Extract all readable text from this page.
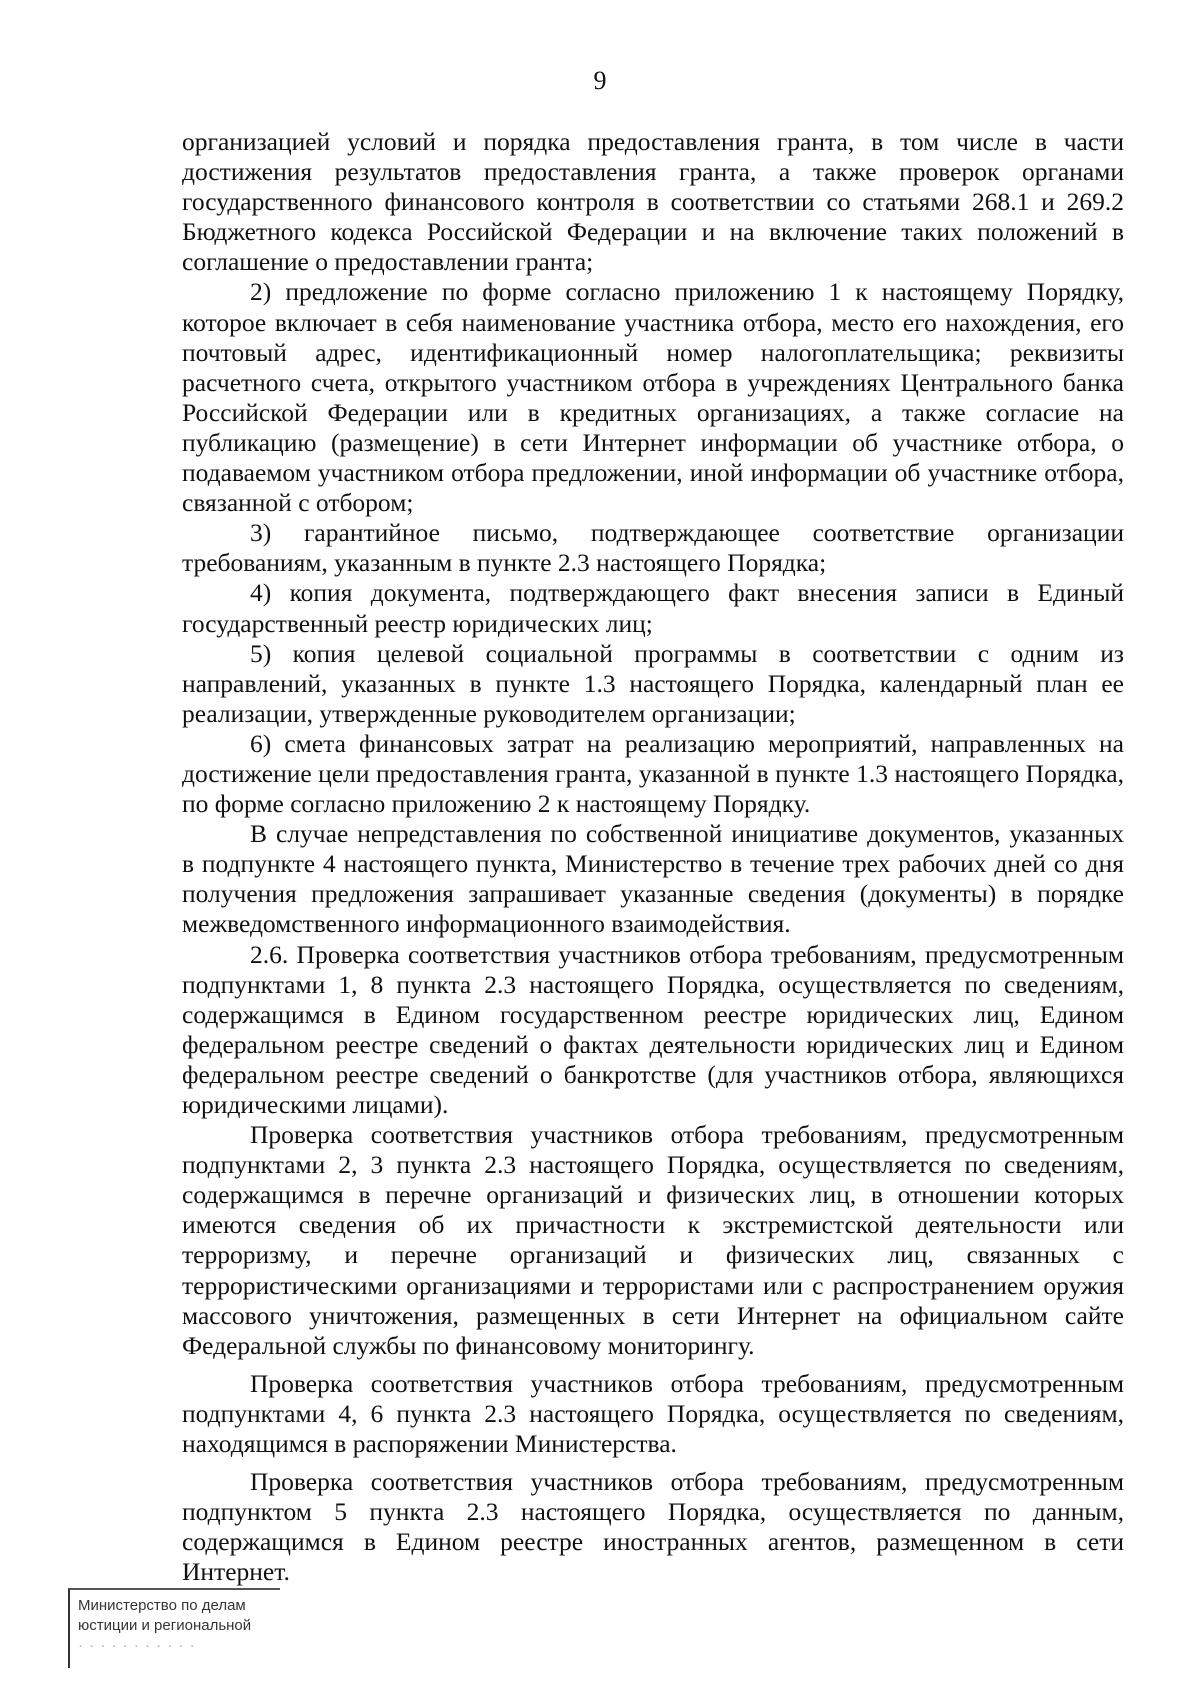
9

организацией условий и порядка предоставления гранта, в том числе в части достижения результатов предоставления гранта, а также проверок органами государственного финансового контроля в соответствии со статьями 268.1 и 269.2 Бюджетного кодекса Российской Федерации и на включение таких положений в соглашение о предоставлении гранта;

2) предложение по форме согласно приложению 1 к настоящему Порядку, которое включает в себя наименование участника отбора, место его нахождения, его почтовый адрес, идентификационный номер налогоплательщика; реквизиты расчетного счета, открытого участником отбора в учреждениях Центрального банка Российской Федерации или в кредитных организациях, а также согласие на публикацию (размещение) в сети Интернет информации об участнике отбора, о подаваемом участником отбора предложении, иной информации об участнике отбора, связанной с отбором;

3) гарантийное письмо, подтверждающее соответствие организации требованиям, указанным в пункте 2.3 настоящего Порядка;

4) копия документа, подтверждающего факт внесения записи в Единый государственный реестр юридических лиц;

5) копия целевой социальной программы в соответствии с одним из направлений, указанных в пункте 1.3 настоящего Порядка, календарный план ее реализации, утвержденные руководителем организации;

6) смета финансовых затрат на реализацию мероприятий, направленных на достижение цели предоставления гранта, указанной в пункте 1.3 настоящего Порядка, по форме согласно приложению 2 к настоящему Порядку.

В случае непредставления по собственной инициативе документов, указанных в подпункте 4 настоящего пункта, Министерство в течение трех рабочих дней со дня получения предложения запрашивает указанные сведения (документы) в порядке межведомственного информационного взаимодействия.

2.6. Проверка соответствия участников отбора требованиям, предусмотренным подпунктами 1, 8 пункта 2.3 настоящего Порядка, осуществляется по сведениям, содержащимся в Едином государственном реестре юридических лиц, Едином федеральном реестре сведений о фактах деятельности юридических лиц и Едином федеральном реестре сведений о банкротстве (для участников отбора, являющихся юридическими лицами).

Проверка соответствия участников отбора требованиям, предусмотренным подпунктами 2, 3 пункта 2.3 настоящего Порядка, осуществляется по сведениям, содержащимся в перечне организаций и физических лиц, в отношении которых имеются сведения об их причастности к экстремистской деятельности или терроризму, и перечне организаций и физических лиц, связанных с террористическими организациями и террористами или с распространением оружия массового уничтожения, размещенных в сети Интернет на официальном сайте Федеральной службы по финансовому мониторингу.

Проверка соответствия участников отбора требованиям, предусмотренным подпунктами 4, 6 пункта 2.3 настоящего Порядка, осуществляется по сведениям, находящимся в распоряжении Министерства.

Проверка соответствия участников отбора требованиям, предусмотренным подпунктом 5 пункта 2.3 настоящего Порядка, осуществляется по данным, содержащимся в Едином реестре иностранных агентов, размещенном в сети Интернет.

Министерство по делам
юстиции и региональной
· · · · · · · · · · ·
